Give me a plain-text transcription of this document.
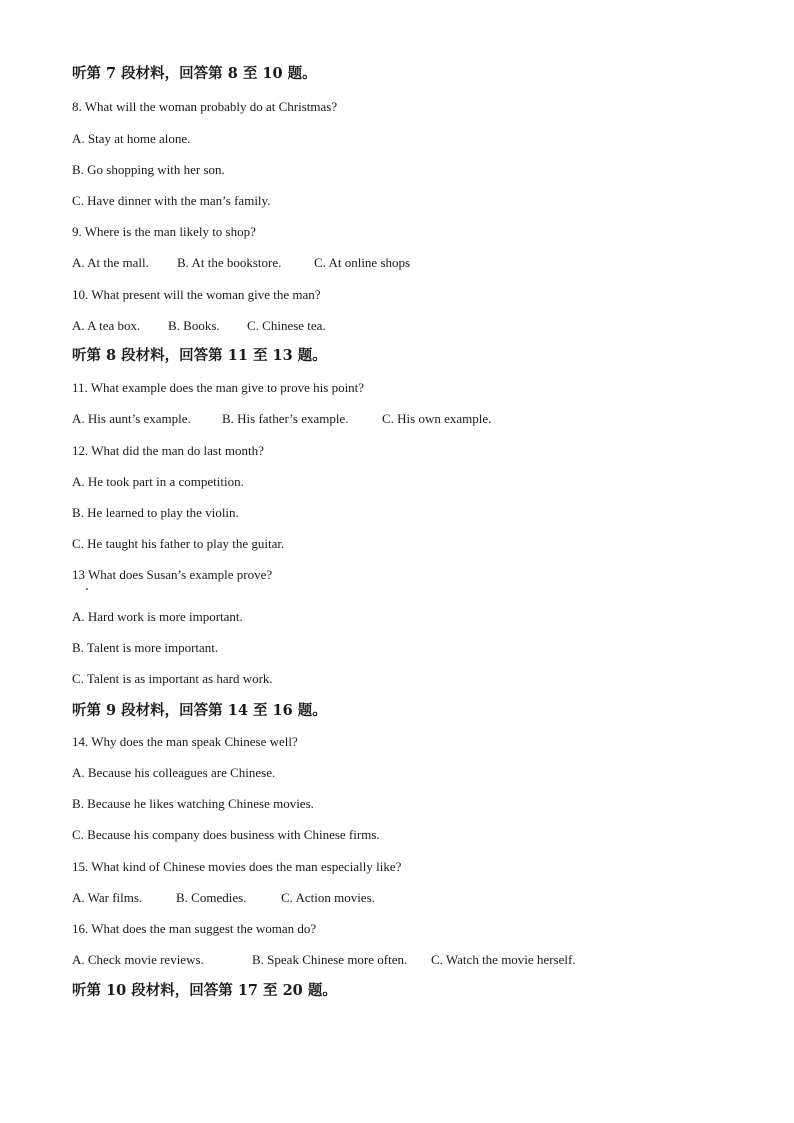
听第 7 段材料，回答第 8 至 10 题。
8. What will the woman probably do at Christmas?
A. Stay at home alone.
B. Go shopping with her son.
C. Have dinner with the man’s family.
9. Where is the man likely to shop?
A. At the mall. B. At the bookstore.	C. At online shops
10. What present will the woman give the man?
A. A tea box. B. Books. C. Chinese tea.
听第 8 段材料，回答第 11 至 13 题。
11. What example does the man give to prove his point?
A. His aunt’s example. B. His father’s example.	C. His own example.
12. What did the man do last month?
A. He took part in a competition.
B. He learned to play the violin.
C. He taught his father to play the guitar.
13 What does Susan’s example prove?
A. Hard work is more important.
B. Talent is more important.
C. Talent is as important as hard work.
听第 9 段材料，回答第 14 至 16 题。
14. Why does the man speak Chinese well?
A. Because his colleagues are Chinese.
B. Because he likes watching Chinese movies.
C. Because his company does business with Chinese firms.
15. What kind of Chinese movies does the man especially like?
A. War films.	B. Comedies.	C. Action movies.
16. What does the man suggest the woman do?
A. Check movie reviews.	B. Speak Chinese more often. C. Watch the movie herself.
听第 10 段材料，回答第 17 至 20 题。
